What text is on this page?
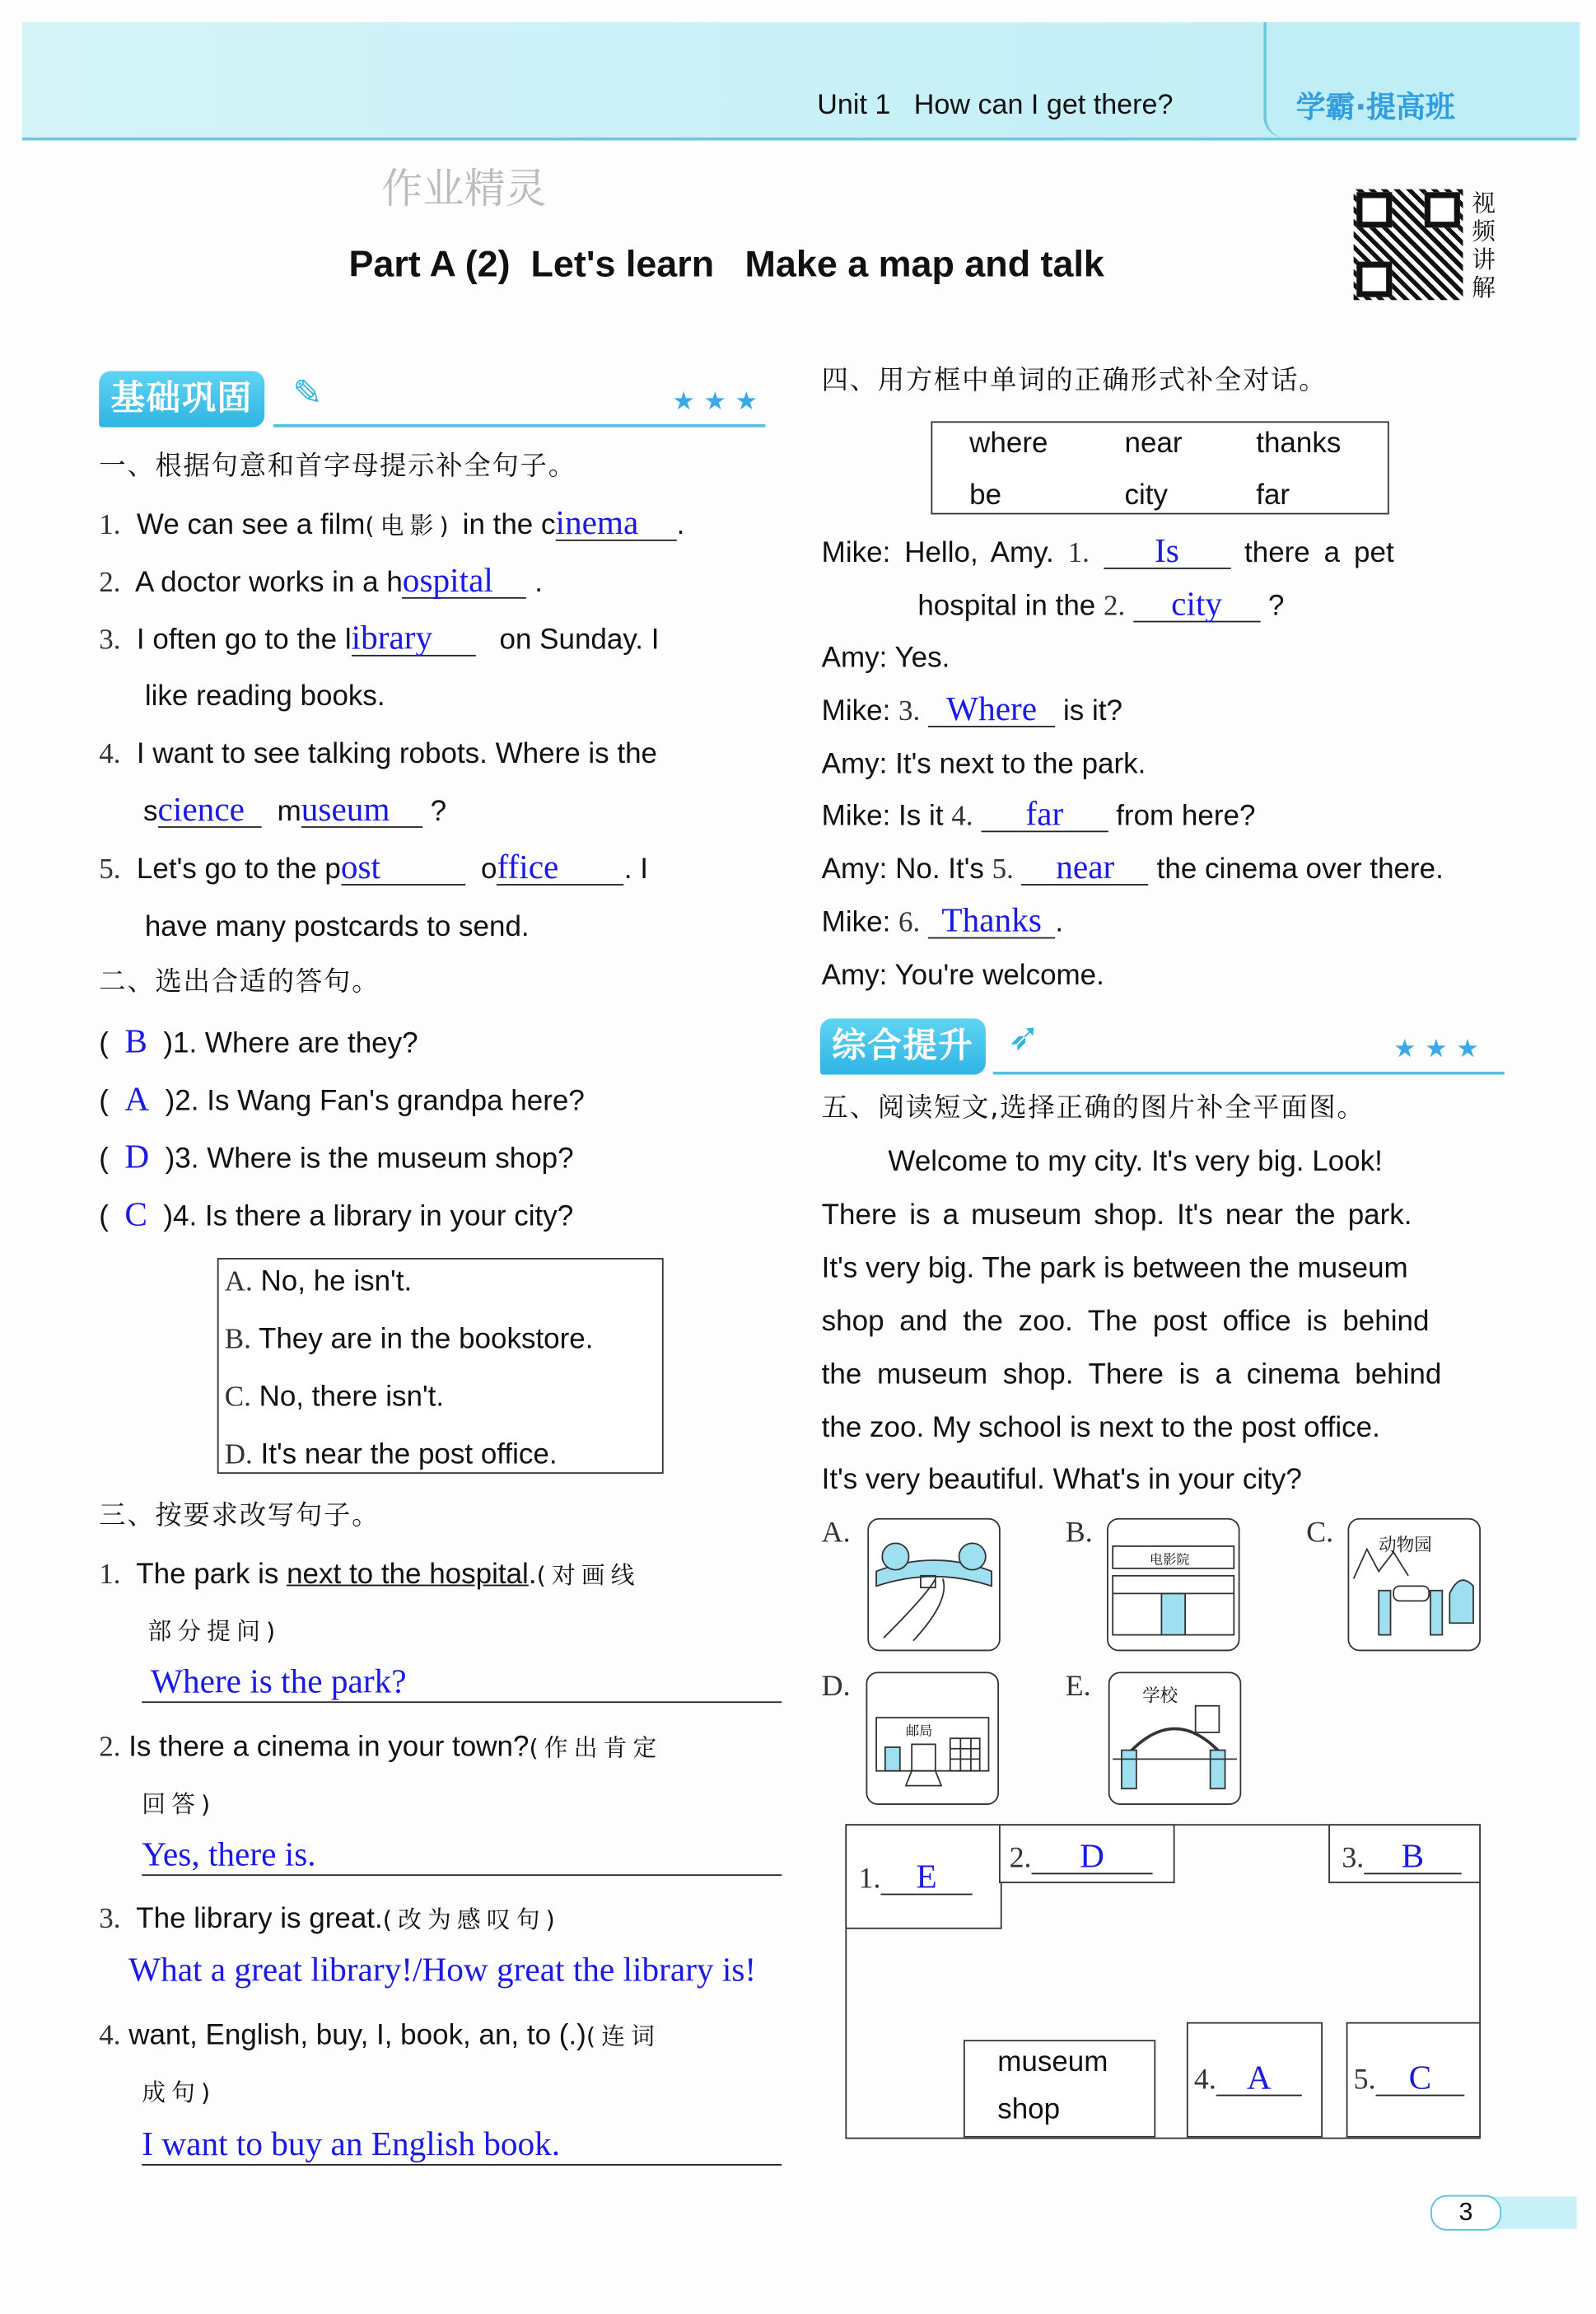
Unit 1 How can I get there?	学霸·提高班
作业精灵
Part A (2) Let's learn Make a map and talk
视频讲解
基础巩固	✎	★★★
一、根据句意和首字母提示补全句子。
1. We can see a film(电影) in the cinema .
2. A doctor works in a hospital	.
3. I often go to the library	on Sunday. I
like reading books.
4. I want to see talking robots. Where is the
science museum	?
5. Let's go to the post	office	. I
have many postcards to send.
二、选出合适的答句。
(  B )1. Where are they?
(  A )2. Is Wang Fan's grandpa here?
(  D )3. Where is the museum shop?
(  C )4. Is there a library in your city?
A. No, he isn't.
B. They are in the bookstore.
C. No, there isn't.
D. It's near the post office.
三、按要求改写句子。
1. The park is next to the hospital.(对画线
部分提问)
Where is the park?
2. Is there a cinema in your town?(作出肯定
回答)
Yes, there is.
3. The library is great.(改为感叹句)
What a great library!/How great the library is!
4. want, English, buy, I, book, an, to (.)(连词
成句)
I want to buy an English book.
四、用方框中单词的正确形式补全对话。
where	near	thanks
be	city	far
Mike: Hello, Amy. 1.	Is	there a pet
hospital in the 2. city	?
Amy: Yes.
Mike: 3. Where is it?
Amy: It's next to the park.
Mike: Is it 4.	far	from here?
Amy: No. It's 5. near the cinema over there.
Mike: 6. Thanks .
Amy: You're welcome.
综合提升	➶	★★★
五、阅读短文,选择正确的图片补全平面图。
Welcome to my city. It's very big. Look!
There is a museum shop. It's near the park.
It's very big. The park is between the museum
shop and the zoo. The post office is behind
the museum shop. There is a cinema behind
the zoo. My school is next to the post office.
It's very beautiful. What's in your city?
A.	B.
电影院
C.	动物园
D.
邮局
E.	学校
1. E
2.	D	3. B
museum
shop
4. A	5. C
3
